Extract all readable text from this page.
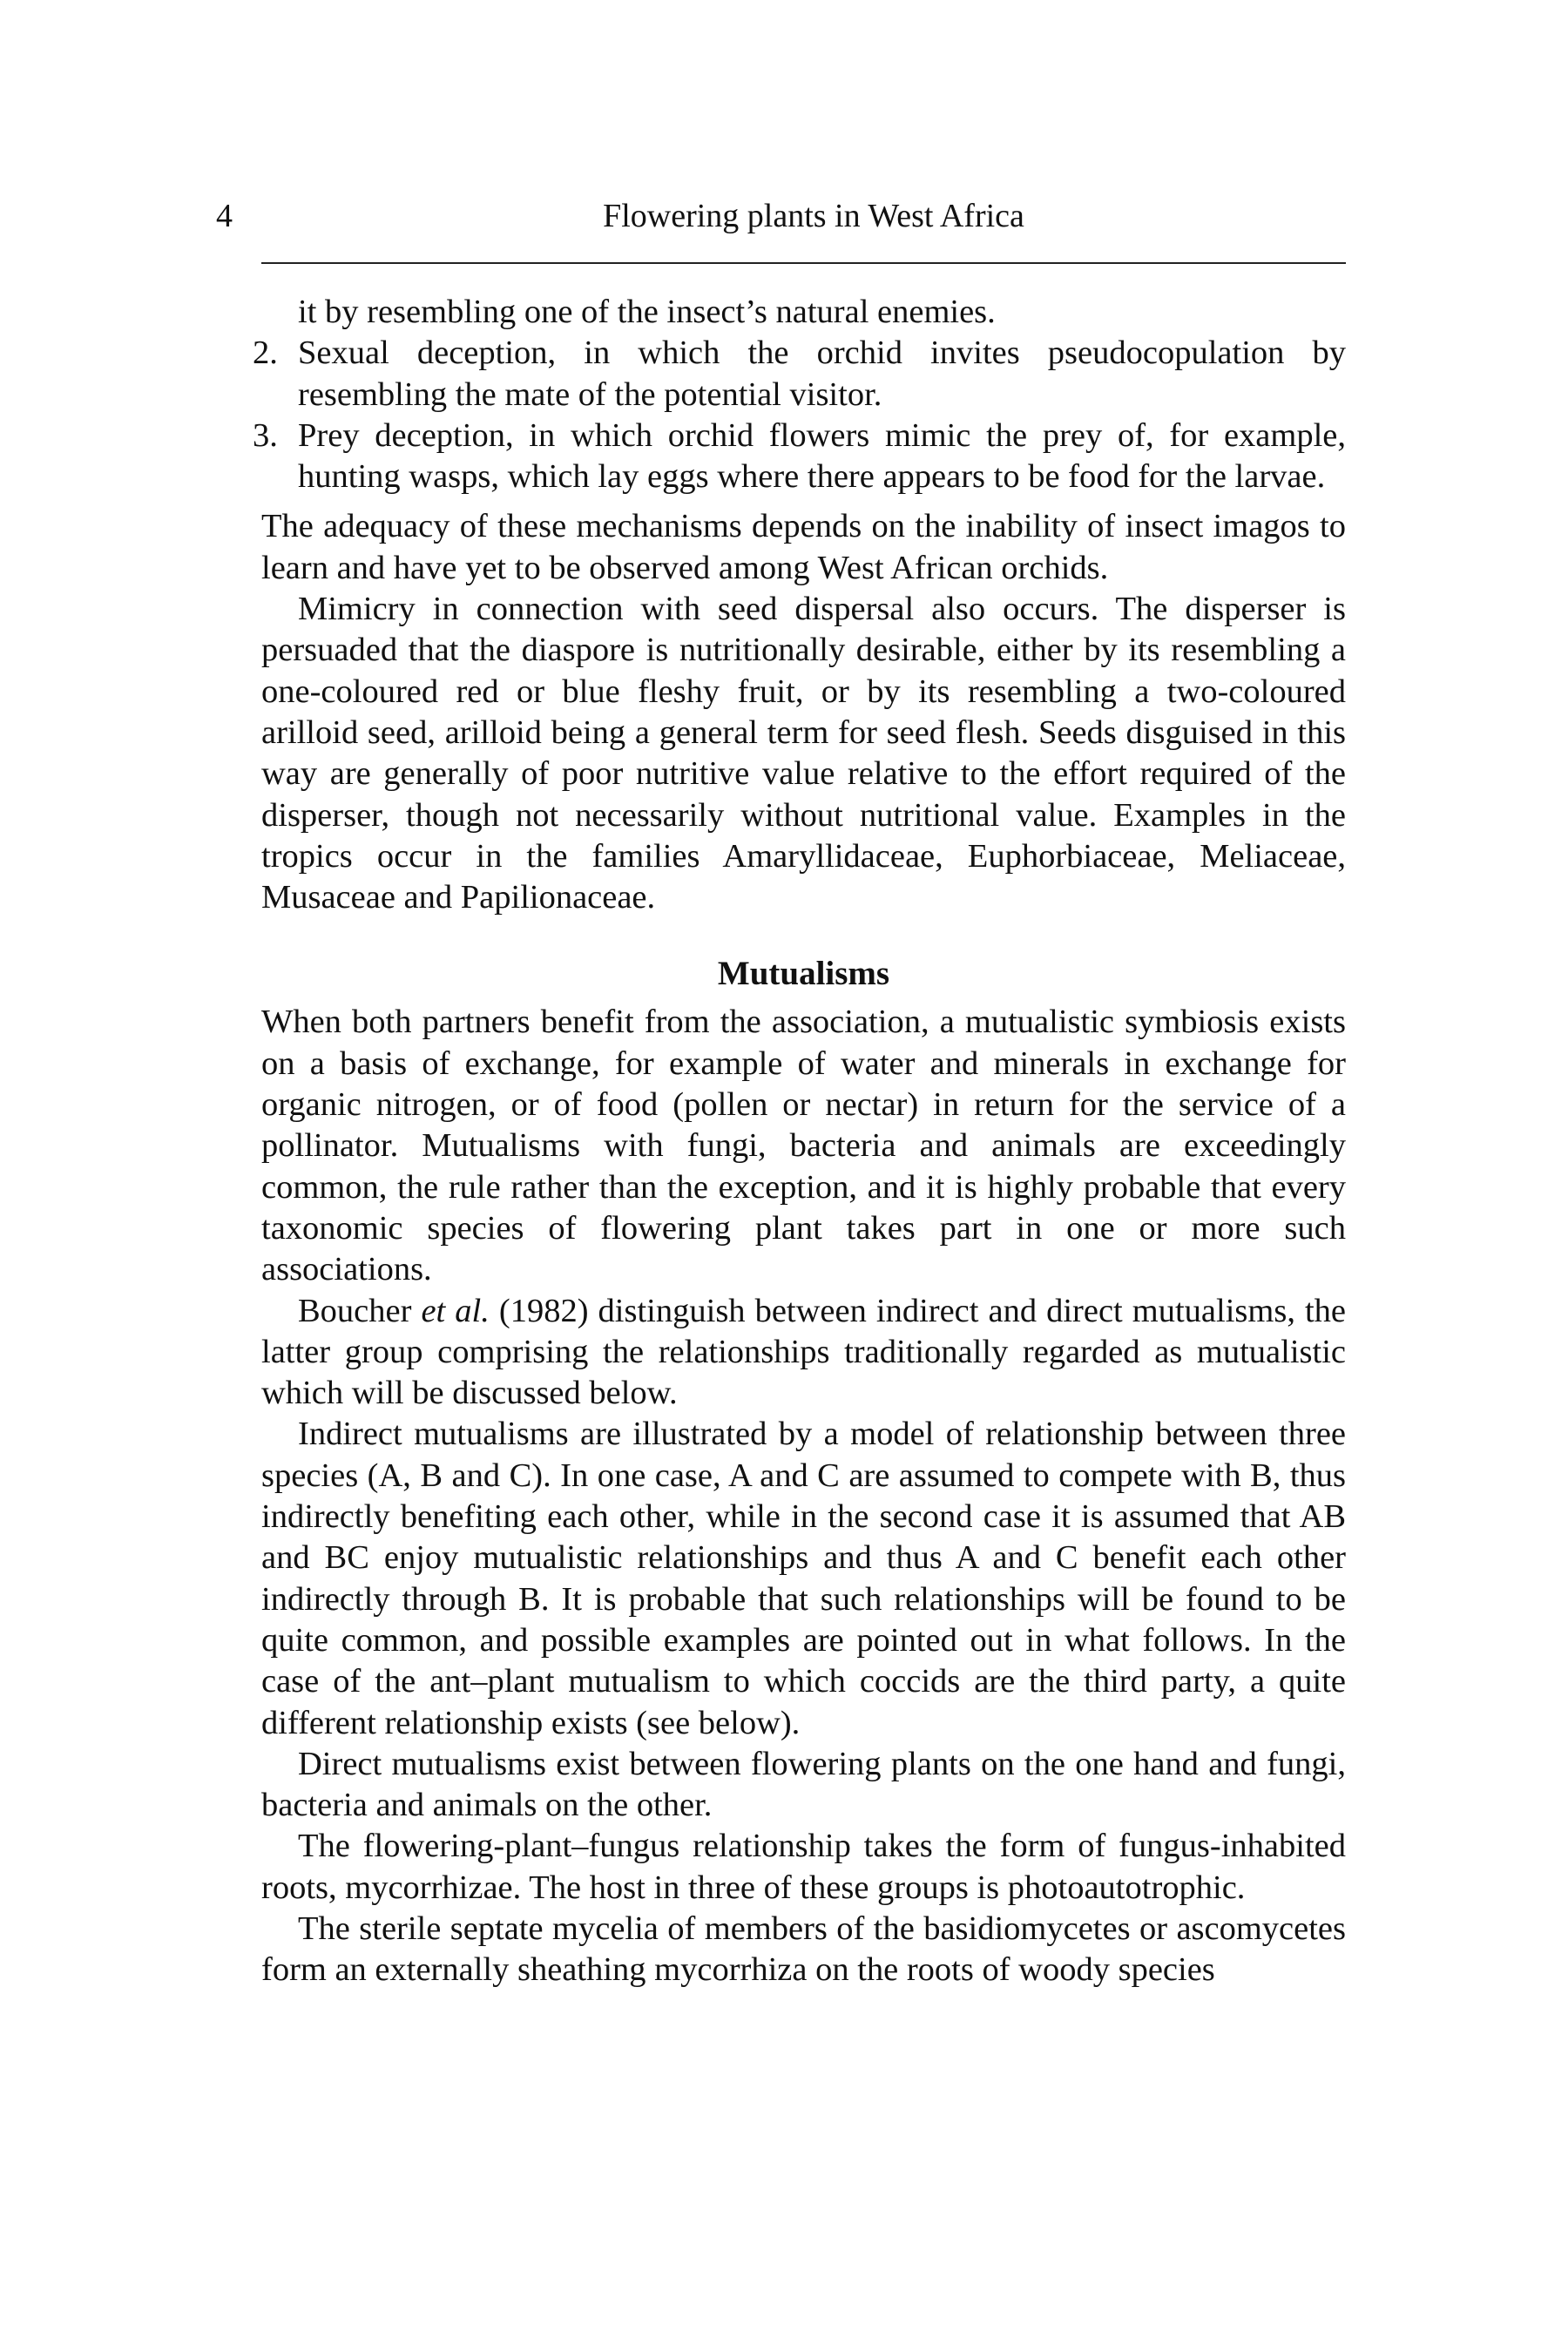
4	Flowering plants in West Africa

it by resembling one of the insect’s natural enemies.

2. Sexual deception, in which the orchid invites pseudocopulation by resembling the mate of the potential visitor.

3. Prey deception, in which orchid flowers mimic the prey of, for example, hunting wasps, which lay eggs where there appears to be food for the larvae.

The adequacy of these mechanisms depends on the inability of insect imagos to learn and have yet to be observed among West African orchids.

Mimicry in connection with seed dispersal also occurs. The disperser is persuaded that the diaspore is nutritionally desirable, either by its resembling a one-coloured red or blue fleshy fruit, or by its resembling a two-coloured arilloid seed, arilloid being a general term for seed flesh. Seeds disguised in this way are generally of poor nutritive value relative to the effort required of the disperser, though not necessarily without nutritional value. Examples in the tropics occur in the families Amaryllidaceae, Euphorbiaceae, Meliaceae, Musaceae and Papilionaceae.

Mutualisms

When both partners benefit from the association, a mutualistic symbiosis exists on a basis of exchange, for example of water and minerals in exchange for organic nitrogen, or of food (pollen or nectar) in return for the service of a pollinator. Mutualisms with fungi, bacteria and animals are exceedingly common, the rule rather than the exception, and it is highly probable that every taxonomic species of flowering plant takes part in one or more such associations.

Boucher et al. (1982) distinguish between indirect and direct mutualisms, the latter group comprising the relationships traditionally regarded as mutualistic which will be discussed below.

Indirect mutualisms are illustrated by a model of relationship between three species (A, B and C). In one case, A and C are assumed to compete with B, thus indirectly benefiting each other, while in the second case it is assumed that AB and BC enjoy mutualistic relationships and thus A and C benefit each other indirectly through B. It is probable that such relationships will be found to be quite common, and possible examples are pointed out in what follows. In the case of the ant–plant mutualism to which coccids are the third party, a quite different relationship exists (see below).

Direct mutualisms exist between flowering plants on the one hand and fungi, bacteria and animals on the other.

The flowering-plant–fungus relationship takes the form of fungus-inhabited roots, mycorrhizae. The host in three of these groups is photoautotrophic.

The sterile septate mycelia of members of the basidiomycetes or ascomycetes form an externally sheathing mycorrhiza on the roots of woody species
